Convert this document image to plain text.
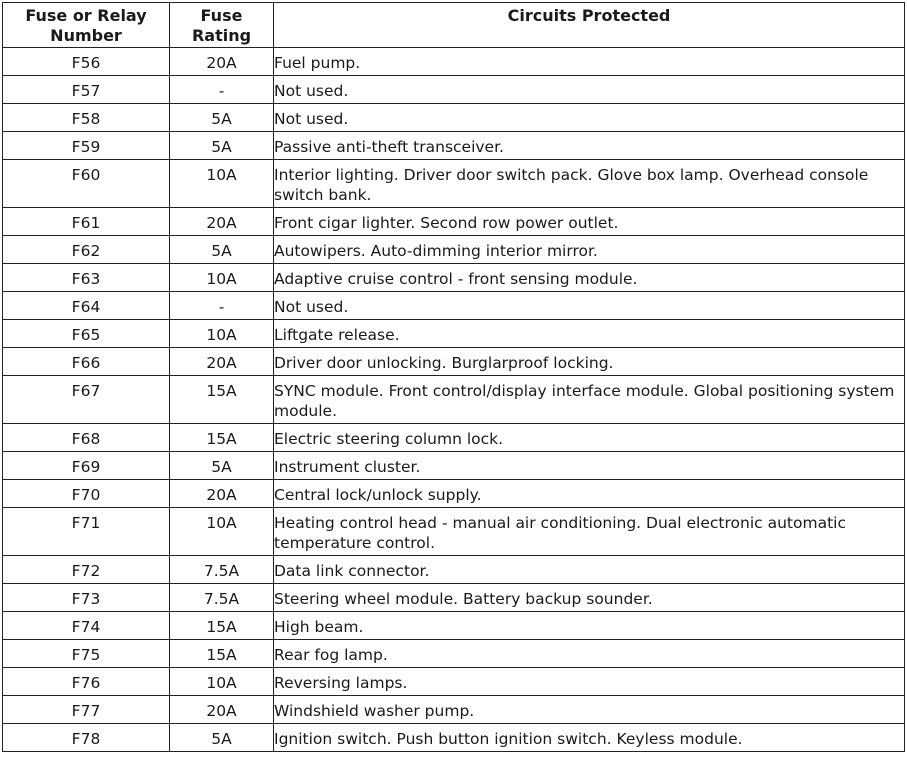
Fuse or Relay Number	Fuse Rating	Circuits Protected
F56	20A	Fuel pump.
F57	-	Not used.
F58	5A	Not used.
F59	5A	Passive anti-theft transceiver.
F60	10A	Interior lighting. Driver door switch pack. Glove box lamp. Overhead console switch bank.
F61	20A	Front cigar lighter. Second row power outlet.
F62	5A	Autowipers. Auto-dimming interior mirror.
F63	10A	Adaptive cruise control - front sensing module.
F64	-	Not used.
F65	10A	Liftgate release.
F66	20A	Driver door unlocking. Burglarproof locking.
F67	15A	SYNC module. Front control/display interface module. Global positioning system module.
F68	15A	Electric steering column lock.
F69	5A	Instrument cluster.
F70	20A	Central lock/unlock supply.
F71	10A	Heating control head - manual air conditioning. Dual electronic automatic temperature control.
F72	7.5A	Data link connector.
F73	7.5A	Steering wheel module. Battery backup sounder.
F74	15A	High beam.
F75	15A	Rear fog lamp.
F76	10A	Reversing lamps.
F77	20A	Windshield washer pump.
F78	5A	Ignition switch. Push button ignition switch. Keyless module.
